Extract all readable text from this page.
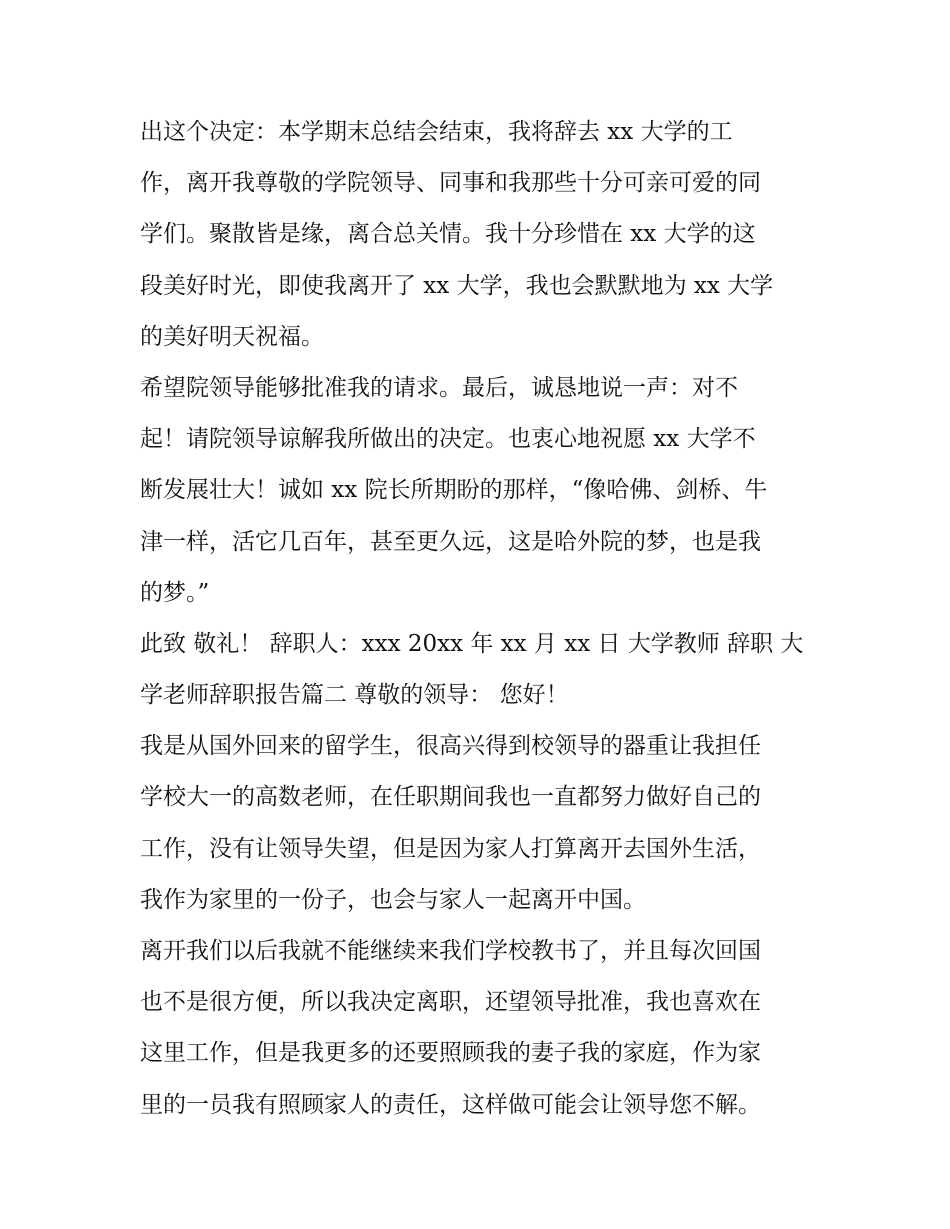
出这个决定：本学期末总结会结束，我将辞去 xx 大学的工
作，离开我尊敬的学院领导、同事和我那些十分可亲可爱的同
学们。聚散皆是缘，离合总关情。我十分珍惜在 xx 大学的这
段美好时光，即使我离开了 xx 大学，我也会默默地为 xx 大学
的美好明天祝福。
希望院领导能够批准我的请求。最后，诚恳地说一声：对不
起！请院领导谅解我所做出的决定。也衷心地祝愿 xx 大学不
断发展壮大！诚如 xx 院长所期盼的那样，“像哈佛、剑桥、牛
津一样，活它几百年，甚至更久远，这是哈外院的梦，也是我
的梦。”
此致 敬礼！ 辞职人：xxx 20xx 年 xx 月 xx 日 大学教师 辞职 大
学老师辞职报告篇二 尊敬的领导： 您好！
我是从国外回来的留学生，很高兴得到校领导的器重让我担任
学校大一的高数老师，在任职期间我也一直都努力做好自己的
工作，没有让领导失望，但是因为家人打算离开去国外生活，
我作为家里的一份子，也会与家人一起离开中国。
离开我们以后我就不能继续来我们学校教书了，并且每次回国
也不是很方便，所以我决定离职，还望领导批准，我也喜欢在
这里工作，但是我更多的还要照顾我的妻子我的家庭，作为家
里的一员我有照顾家人的责任，这样做可能会让领导您不解。
